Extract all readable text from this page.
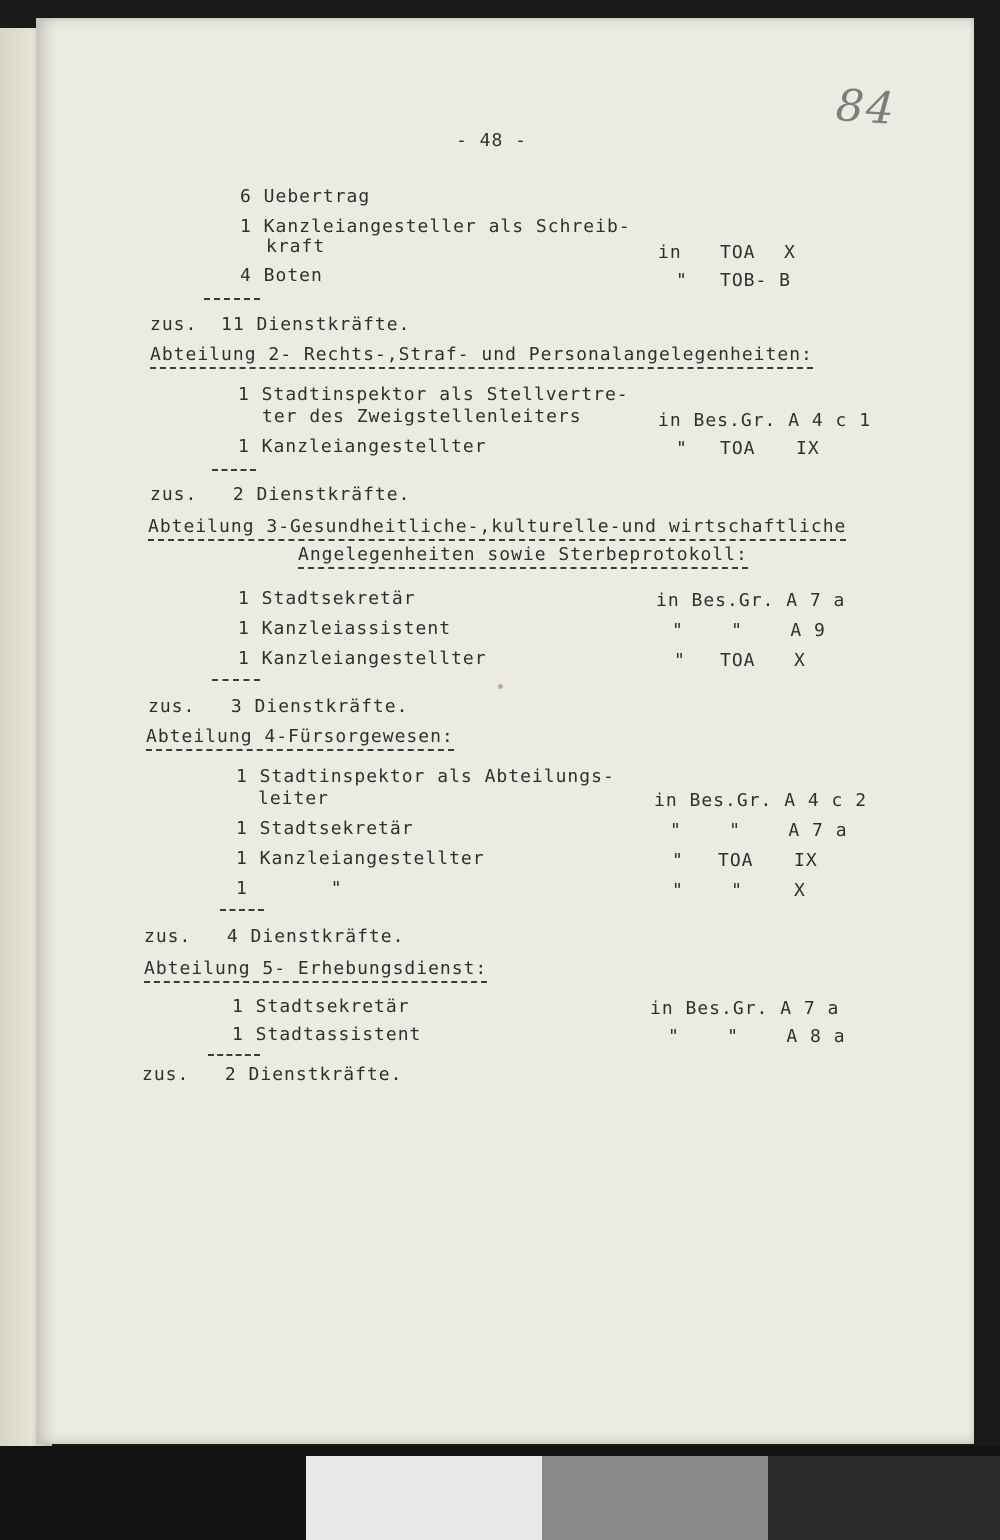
84
- 48 -
6 Uebertrag
1 Kanzleiangesteller als Schreib-
kraft	in TOA X
4 Boten	" TOB- B
zus.  11 Dienstkräfte.
Abteilung 2- Rechts-,Straf- und Personalangelegenheiten:
1 Stadtinspektor als Stellvertre-
ter des Zweigstellenleiters	in Bes.Gr. A 4 c 1
1 Kanzleiangestellter	" TOA IX
zus.   2 Dienstkräfte.
Abteilung 3-Gesundheitliche-,kulturelle-und wirtschaftliche
Angelegenheiten sowie Sterbeprotokoll:
1 Stadtsekretär	in Bes.Gr. A 7 a
1 Kanzleiassistent	"    "    A 9
1 Kanzleiangestellter	" TOA X
zus.   3 Dienstkräfte.
Abteilung 4-Fürsorgewesen:
1 Stadtinspektor als Abteilungs-
leiter	in Bes.Gr. A 4 c 2
1 Stadtsekretär	"    "    A 7 a
1 Kanzleiangestellter	" TOA IX
1       "	"    "	X
zus.   4 Dienstkräfte.
Abteilung 5- Erhebungsdienst:
1 Stadtsekretär	in Bes.Gr. A 7 a
1 Stadtassistent	"    "    A 8 a
zus.   2 Dienstkräfte.
